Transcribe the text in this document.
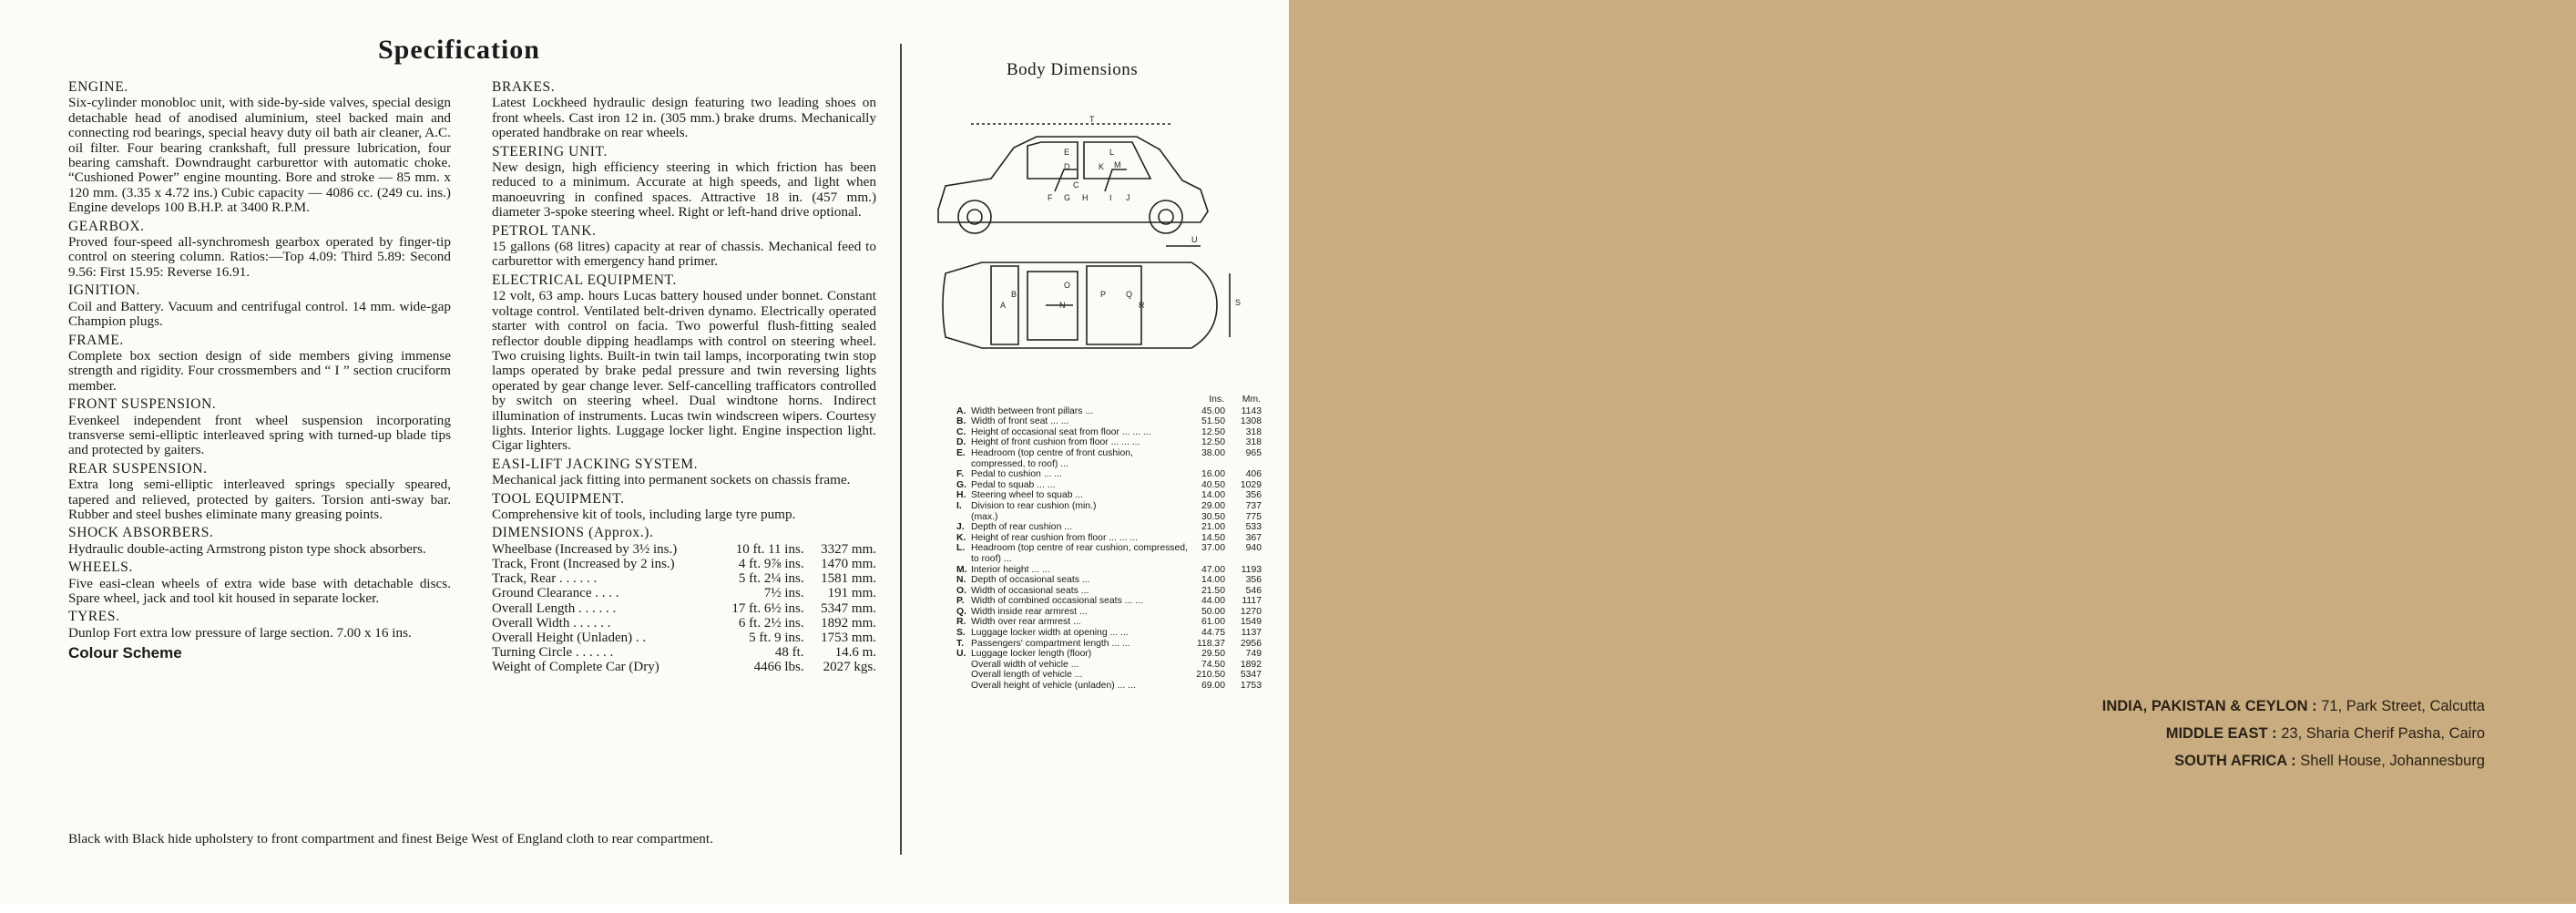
Specification
ENGINE.

Six-cylinder monobloc unit, with side-by-side valves, special design detachable head of anodised aluminium, steel backed main and connecting rod bearings, special heavy duty oil bath air cleaner, A.C. oil filter. Four bearing crankshaft, full pressure lubrication, four bearing camshaft. Downdraught carburettor with automatic choke. “Cushioned Power” engine mounting. Bore and stroke — 85 mm. x 120 mm. (3.35 x 4.72 ins.) Cubic capacity — 4086 cc. (249 cu. ins.) Engine develops 100 B.H.P. at 3400 R.P.M.

GEARBOX.

Proved four-speed all-synchromesh gearbox operated by finger-tip control on steering column. Ratios:—Top 4.09: Third 5.89: Second 9.56: First 15.95: Reverse 16.91.

IGNITION.

Coil and Battery. Vacuum and centrifugal control. 14 mm. wide-gap Champion plugs.

FRAME.

Complete box section design of side members giving immense strength and rigidity. Four crossmembers and “ I ” section cruciform member.

FRONT SUSPENSION.

Evenkeel independent front wheel suspension incorporating transverse semi-elliptic interleaved spring with turned-up blade tips and protected by gaiters.

REAR SUSPENSION.

Extra long semi-elliptic interleaved springs specially speared, tapered and relieved, protected by gaiters. Torsion anti-sway bar. Rubber and steel bushes eliminate many greasing points.

SHOCK ABSORBERS.

Hydraulic double-acting Armstrong piston type shock absorbers.

WHEELS.

Five easi-clean wheels of extra wide base with detachable discs. Spare wheel, jack and tool kit housed in separate locker.

TYRES.

Dunlop Fort extra low pressure of large section. 7.00 x 16 ins.

Colour Scheme
BRAKES.

Latest Lockheed hydraulic design featuring two leading shoes on front wheels. Cast iron 12 in. (305 mm.) brake drums. Mechanically operated handbrake on rear wheels.

STEERING UNIT.

New design, high efficiency steering in which friction has been reduced to a minimum. Accurate at high speeds, and light when manoeuvring in confined spaces. Attractive 18 in. (457 mm.) diameter 3-spoke steering wheel. Right or left-hand drive optional.

PETROL TANK.

15 gallons (68 litres) capacity at rear of chassis. Mechanical feed to carburettor with emergency hand primer.

ELECTRICAL EQUIPMENT.

12 volt, 63 amp. hours Lucas battery housed under bonnet. Constant voltage control. Ventilated belt-driven dynamo. Electrically operated starter with control on facia. Two powerful flush-fitting sealed reflector double dipping headlamps with control on steering wheel. Two cruising lights. Built-in twin tail lamps, incorporating twin stop lamps operated by brake pedal pressure and twin reversing lights operated by gear change lever. Self-cancelling trafficators controlled by switch on steering wheel. Dual windtone horns. Indirect illumination of instruments. Lucas twin windscreen wipers. Courtesy lights. Interior lights. Luggage locker light. Engine inspection light. Cigar lighters.

EASI-LIFT JACKING SYSTEM.

Mechanical jack fitting into permanent sockets on chassis frame.

TOOL EQUIPMENT.

Comprehensive kit of tools, including large tyre pump.

DIMENSIONS (Approx.).
Wheelbase (Increased by 3½ ins.)	10 ft. 11 ins.	3327 mm.
Track, Front (Increased by 2 ins.)	4 ft. 9⅞ ins.	1470 mm.
Track, Rear . . . . . .	5 ft. 2¼ ins.	1581 mm.
Ground Clearance . . . .	7½ ins.	191 mm.
Overall Length . . . . . .	17 ft. 6½ ins.	5347 mm.
Overall Width . . . . . .	6 ft. 2½ ins.	1892 mm.
Overall Height (Unladen) . .	5 ft. 9 ins.	1753 mm.
Turning Circle . . . . . .	48 ft.	14.6 m.
Weight of Complete Car (Dry)	4466 lbs.	2027 kgs.
Black with Black hide upholstery to front compartment and finest Beige West of England cloth to rear compartment.
Body Dimensions
T
E	L
M
D	K
C
F G H	I J
U
A
B	P Q
R
N
O
S
		Ins.	Mm.
A.	Width between front pillars ...	45.00	1143
B.	Width of front seat ... ...	51.50	1308
C.	Height of occasional seat from floor ... ... ...	12.50	318
D.	Height of front cushion from floor ... ... ...	12.50	318
E.	Headroom (top centre of front cushion, compressed, to roof) ...	38.00	965
F.	Pedal to cushion ... ...	16.00	406
G.	Pedal to squab ... ...	40.50	1029
H.	Steering wheel to squab ...	14.00	356
I.	Division to rear cushion (min.)	29.00	737
	(max.)	30.50	775
J.	Depth of rear cushion ...	21.00	533
K.	Height of rear cushion from floor ... ... ...	14.50	367
L.	Headroom (top centre of rear cushion, compressed, to roof) ...	37.00	940
M.	Interior height ... ...	47.00	1193
N.	Depth of occasional seats ...	14.00	356
O.	Width of occasional seats ...	21.50	546
P.	Width of combined occasional seats ... ...	44.00	1117
Q.	Width inside rear armrest ...	50.00	1270
R.	Width over rear armrest ...	61.00	1549
S.	Luggage locker width at opening ... ...	44.75	1137
T.	Passengers' compartment length ... ...	118.37	2956
U.	Luggage locker length (floor)	29.50	749
	Overall width of vehicle ...	74.50	1892
	Overall length of vehicle ...	210.50	5347
	Overall height of vehicle (unladen) ... ...	69.00	1753
INDIA, PAKISTAN & CEYLON : 71, Park Street, Calcutta
MIDDLE EAST : 23, Sharia Cherif Pasha, Cairo
SOUTH AFRICA : Shell House, Johannesburg
